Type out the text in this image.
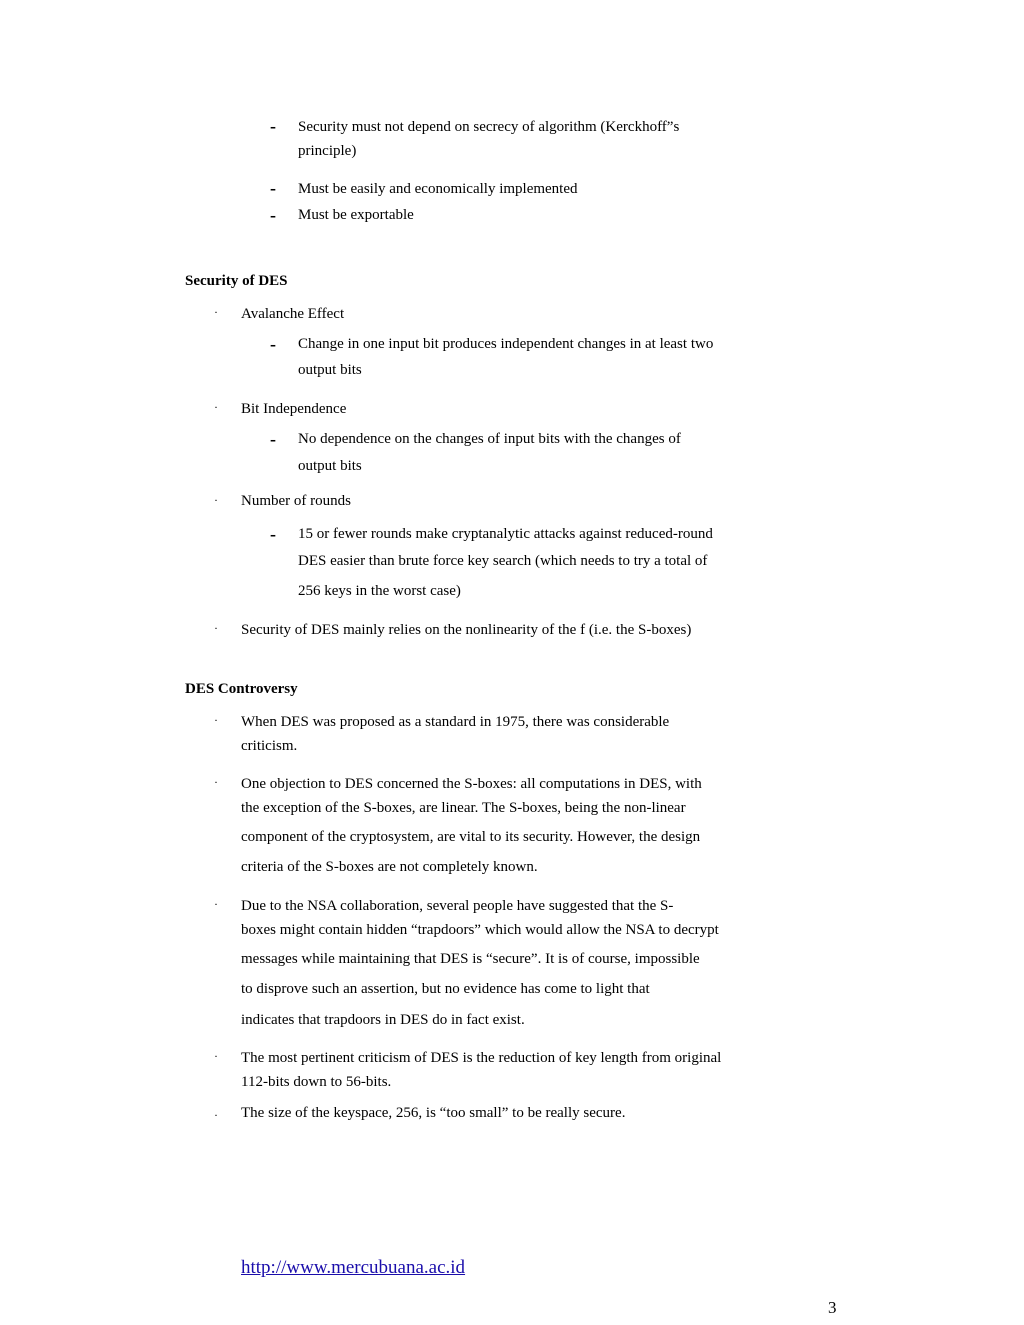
- Security must not depend on secrecy of algorithm (Kerckhoff”s
principle)
- Must be easily and economically implemented
- Must be exportable
Security of DES
· Avalanche Effect
- Change in one input bit produces independent changes in at least two
output bits
· Bit Independence
- No dependence on the changes of input bits with the changes of
output bits
· Number of rounds
- 15 or fewer rounds make cryptanalytic attacks against reduced-round
DES easier than brute force key search (which needs to try a total of
256 keys in the worst case)
· Security of DES mainly relies on the nonlinearity of the f (i.e. the S-boxes)
DES Controversy
· When DES was proposed as a standard in 1975, there was considerable
criticism.
· One objection to DES concerned the S-boxes: all computations in DES, with
the exception of the S-boxes, are linear. The S-boxes, being the non-linear
component of the cryptosystem, are vital to its security. However, the design
criteria of the S-boxes are not completely known.
· Due to the NSA collaboration, several people have suggested that the S-
boxes might contain hidden “trapdoors” which would allow the NSA to decrypt
messages while maintaining that DES is “secure”. It is of course, impossible
to disprove such an assertion, but no evidence has come to light that
indicates that trapdoors in DES do in fact exist.
· The most pertinent criticism of DES is the reduction of key length from original
112-bits down to 56-bits.
· The size of the keyspace, 256, is “too small” to be really secure.
http://www.mercubuana.ac.id
3
